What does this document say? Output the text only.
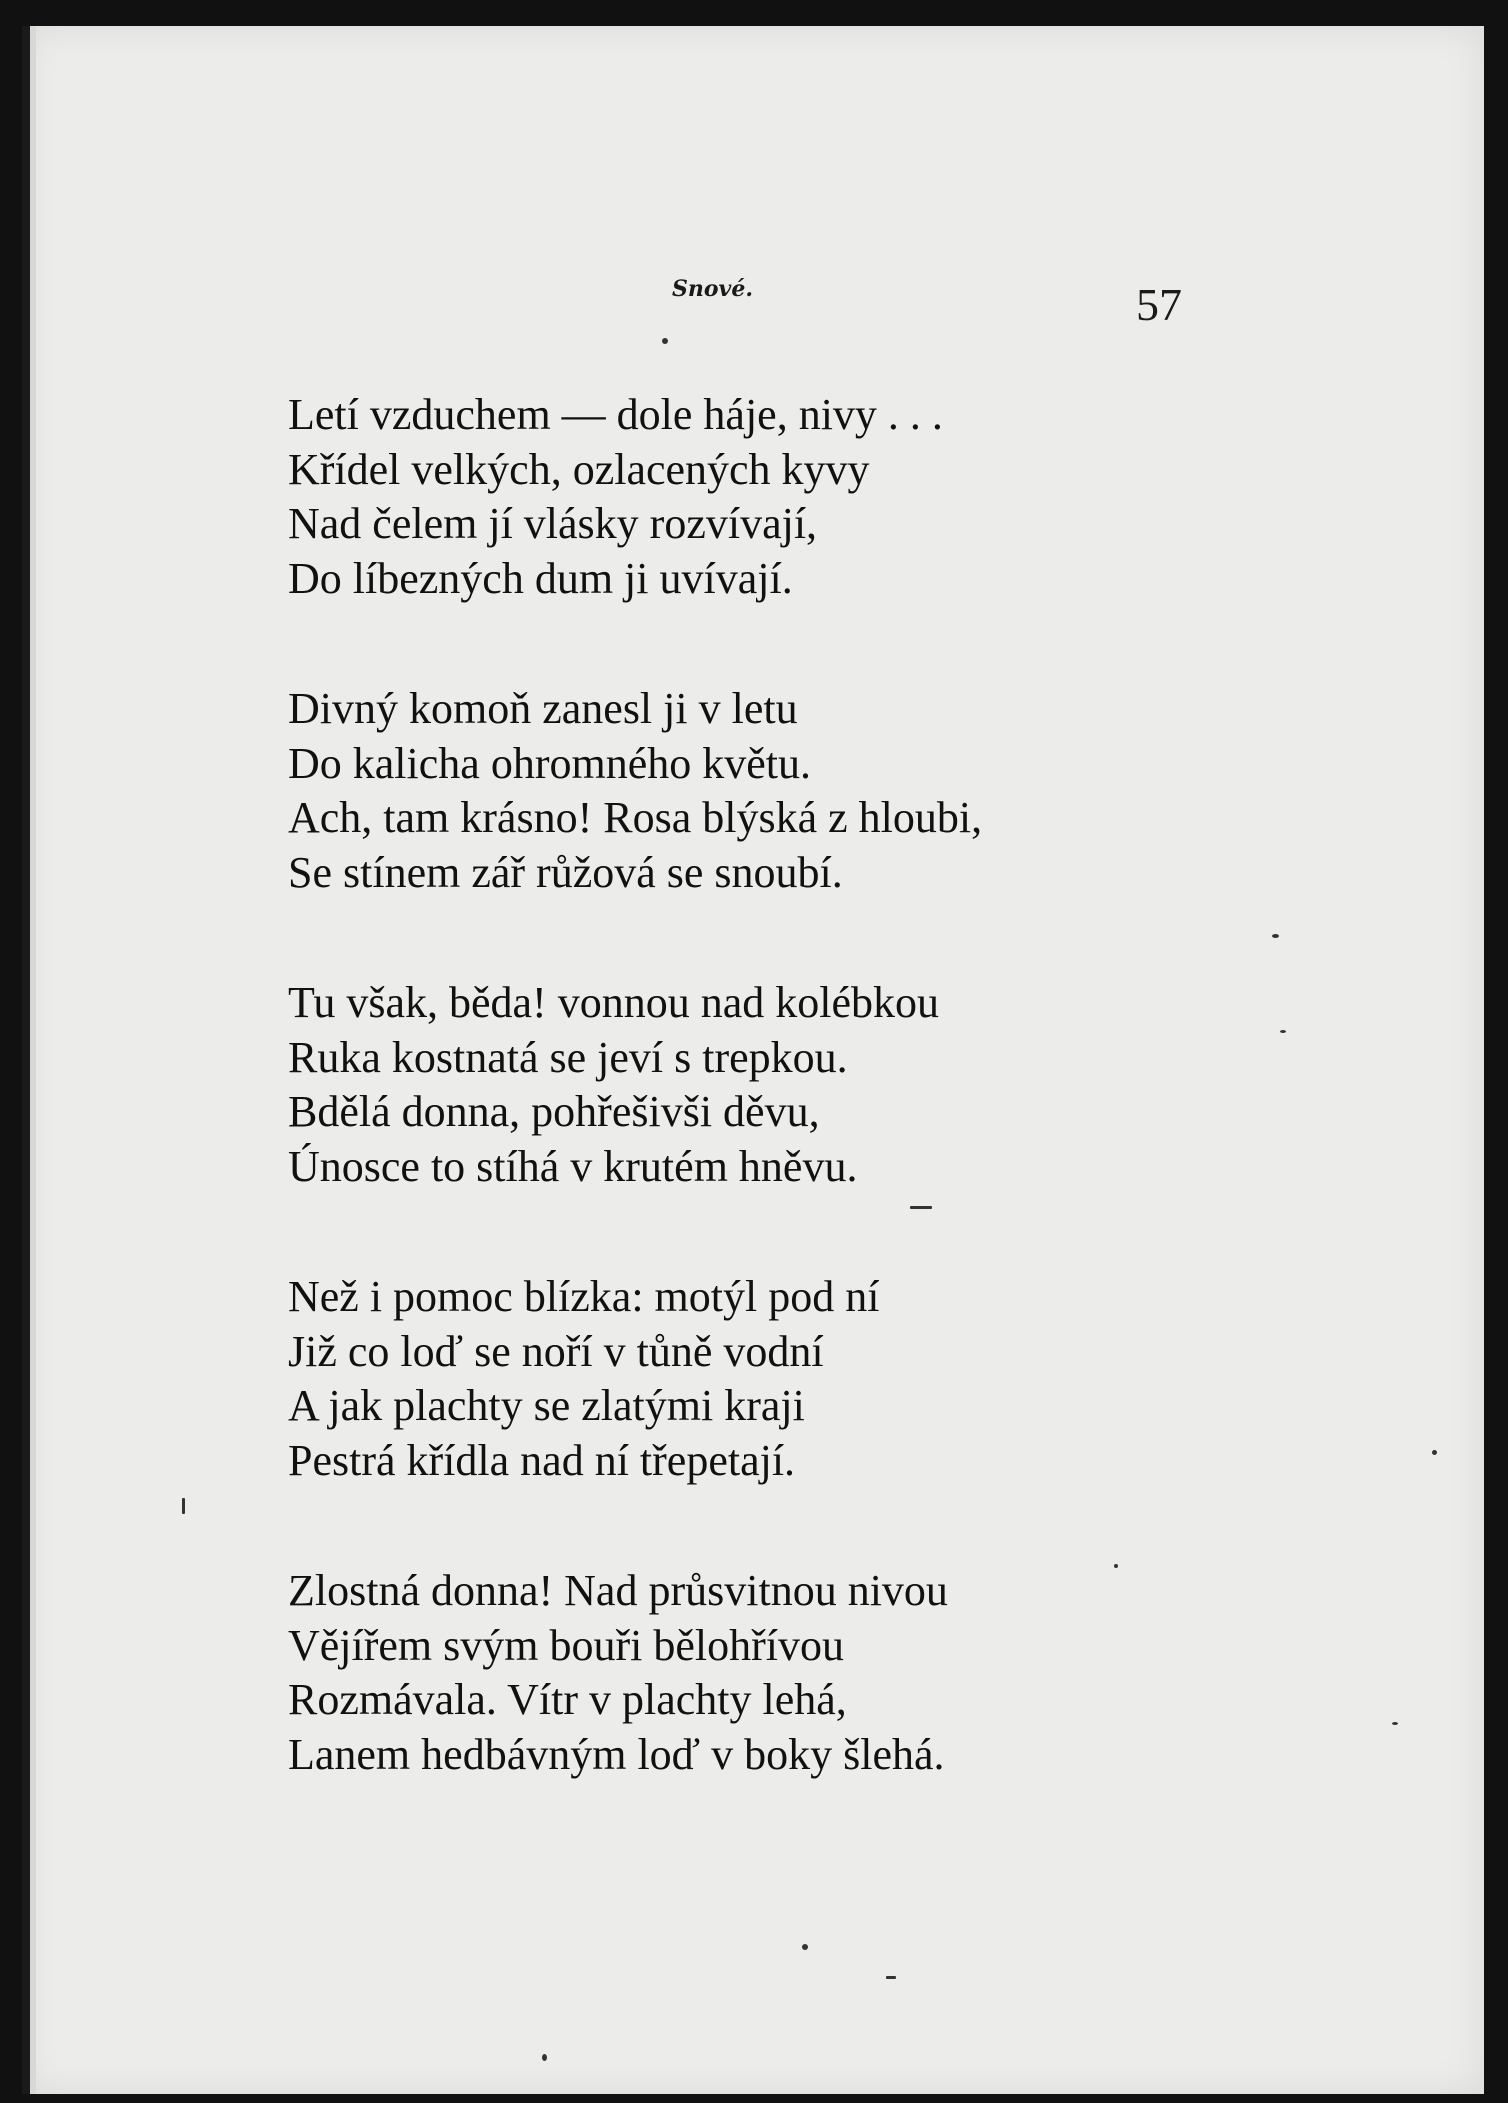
Snové.	57
Letí vzduchem — dole háje, nivy . . .
Křídel velkých, ozlacených kyvy
Nad čelem jí vlásky rozvívají,
Do líbezných dum ji uvívají.
Divný komoň zanesl ji v letu
Do kalicha ohromného květu.
Ach, tam krásno! Rosa blýská z hloubi,
Se stínem zář růžová se snoubí.
Tu však, běda! vonnou nad kolébkou
Ruka kostnatá se jeví s trepkou.
Bdělá donna, pohřešivši děvu,
Únosce to stíhá v krutém hněvu.
Než i pomoc blízka: motýl pod ní
Již co loď se noří v tůně vodní
A jak plachty se zlatými kraji
Pestrá křídla nad ní třepetají.
Zlostná donna! Nad průsvitnou nivou
Vějířem svým bouři bělohřívou
Rozmávala. Vítr v plachty lehá,
Lanem hedbávným loď v boky šlehá.
